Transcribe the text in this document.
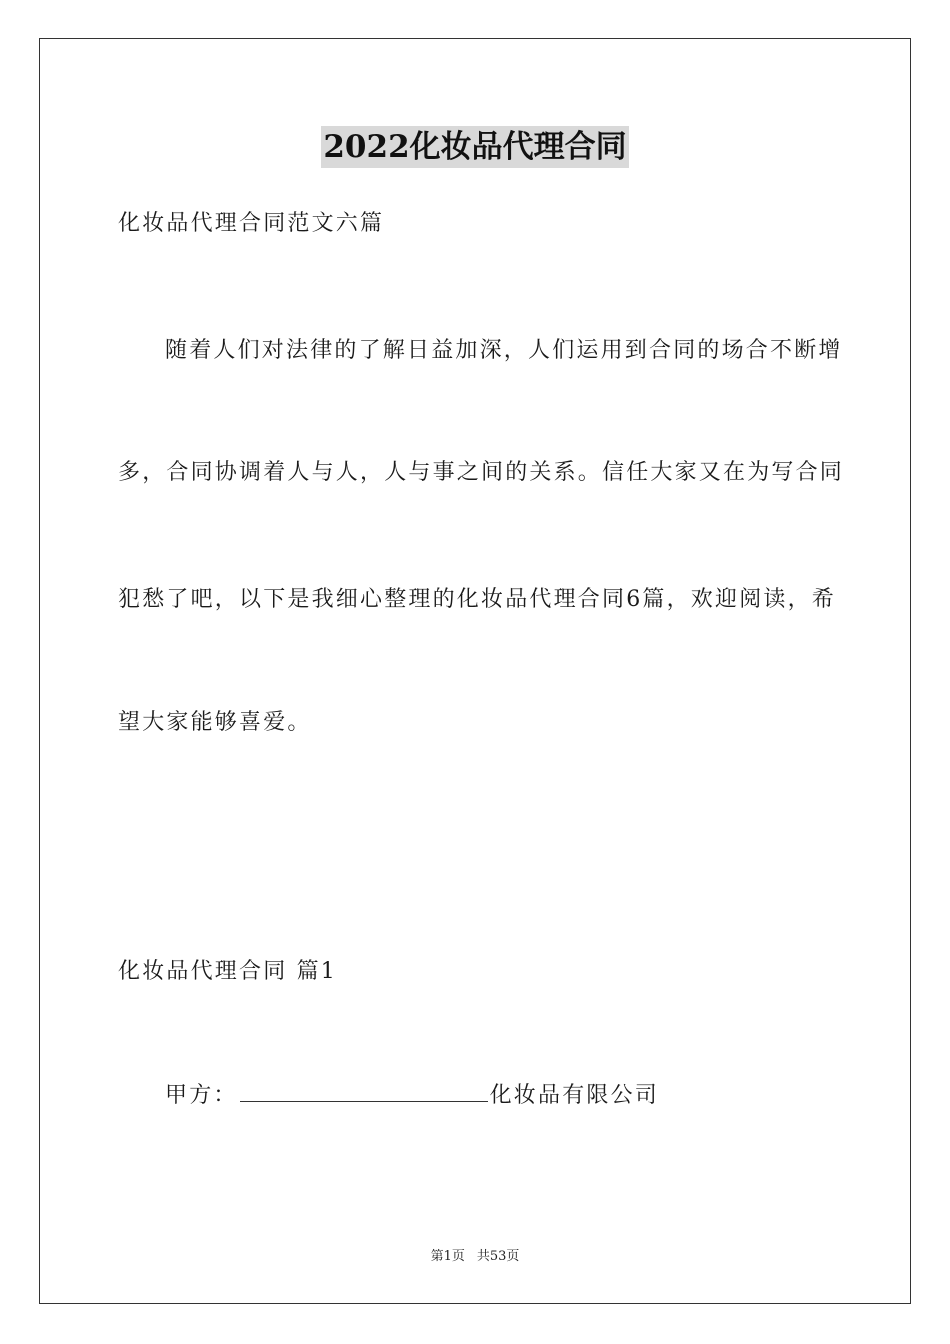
2022化妆品代理合同
化妆品代理合同范文六篇
随着人们对法律的了解日益加深，人们运用到合同的场合不断增
多，合同协调着人与人，人与事之间的关系。信任大家又在为写合同
犯愁了吧，以下是我细心整理的化妆品代理合同6篇，欢迎阅读，希
望大家能够喜爱。
化妆品代理合同 篇1
甲方：	化妆品有限公司
第1页 共53页
